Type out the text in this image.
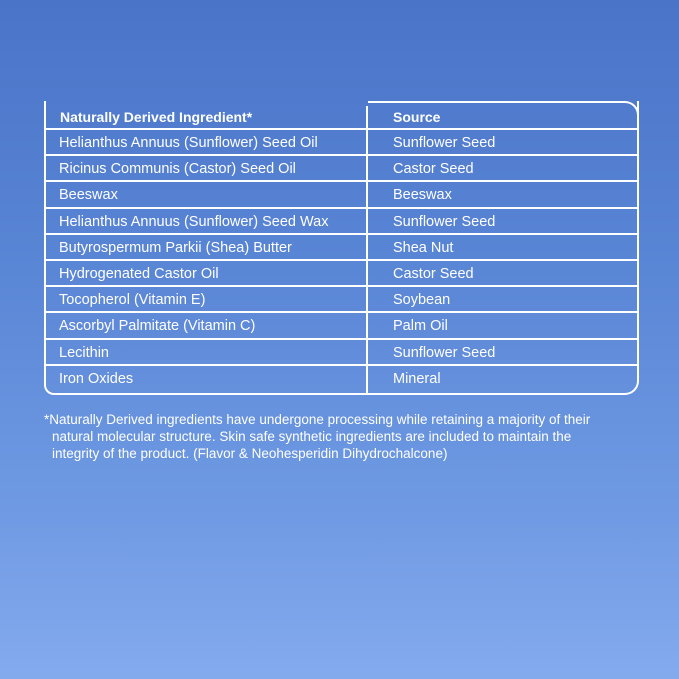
Naturally Derived Ingredient*	Source
Helianthus Annuus (Sunflower) Seed Oil	Sunflower Seed
Ricinus Communis (Castor) Seed Oil	Castor Seed
Beeswax	Beeswax
Helianthus Annuus (Sunflower) Seed Wax	Sunflower Seed
Butyrospermum Parkii (Shea) Butter	Shea Nut
Hydrogenated Castor Oil	Castor Seed
Tocopherol (Vitamin E)	Soybean
Ascorbyl Palmitate (Vitamin C)	Palm Oil
Lecithin	Sunflower Seed
Iron Oxides	Mineral
*Naturally Derived ingredients have undergone processing while retaining a majority of their
natural molecular structure. Skin safe synthetic ingredients are included to maintain the
integrity of the product. (Flavor & Neohesperidin Dihydrochalcone)
